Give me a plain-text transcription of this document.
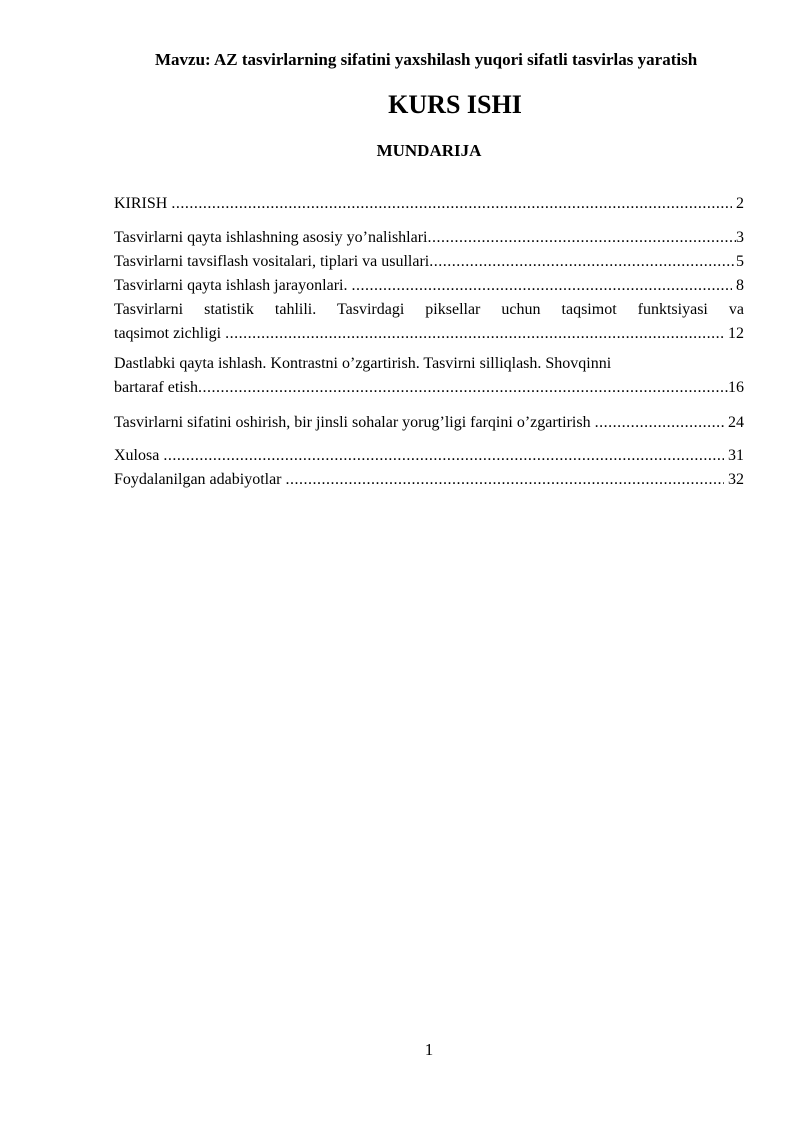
Mavzu: AZ tasvirlarning sifatini yaxshilash yuqori sifatli tasvirlas yaratish
KURS ISHI
MUNDARIJA
KIRISH .....	2
Tasvirlarni qayta ishlashning asosiy yo’nalishlari .....	3
Tasvirlarni tavsiflash vositalari, tiplari va usullari .....	5
Tasvirlarni qayta ishlash jarayonlari. .....	8
Tasvirlarni statistik tahlili. Tasvirdagi piksellar uchun taqsimot funktsiyasi va
taqsimot zichligi .....	12
Dastlabki qayta ishlash. Kontrastni o’zgartirish. Tasvirni silliqlash. Shovqinni
bartaraf etish .....	16
Tasvirlarni sifatini oshirish, bir jinsli sohalar yorug’ligi farqini o’zgartirish .....	24
Xulosa .....	31
Foydalanilgan adabiyotlar .....	32
1
